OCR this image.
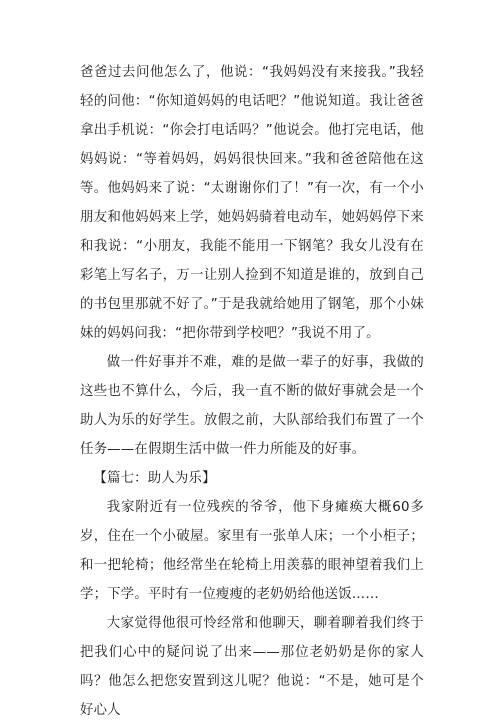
爸爸过去问他怎么了，他说：“我妈妈没有来接我。”我轻轻的问他：“你知道妈妈的电话吧？”他说知道。我让爸爸拿出手机说：“你会打电话吗？”他说会。他打完电话，他妈妈说：“等着妈妈，妈妈很快回来。”我和爸爸陪他在这等。他妈妈来了说：“太谢谢你们了！”有一次，有一个小朋友和他妈妈来上学，她妈妈骑着电动车，她妈妈停下来和我说：“小朋友，我能不能用一下钢笔？我女儿没有在彩笔上写名子，万一让别人捡到不知道是谁的，放到自己的书包里那就不好了。”于是我就给她用了钢笔，那个小妹妹的妈妈问我：“把你带到学校吧？”我说不用了。

做一件好事并不难，难的是做一辈子的好事，我做的这些也不算什么，今后，我一直不断的做好事就会是一个助人为乐的好学生。放假之前，大队部给我们布置了一个任务——在假期生活中做一件力所能及的好事。

【篇七：助人为乐】

我家附近有一位残疾的爷爷，他下身瘫痪大概60多岁，住在一个小破屋。家里有一张单人床；一个小柜子；和一把轮椅；他经常坐在轮椅上用羡慕的眼神望着我们上学；下学。平时有一位瘦瘦的老奶奶给他送饭……

大家觉得他很可怜经常和他聊天，聊着聊着我们终于把我们心中的疑问说了出来——那位老奶奶是你的家人吗？他怎么把您安置到这儿呢？他说：“不是，她可是个好心人
